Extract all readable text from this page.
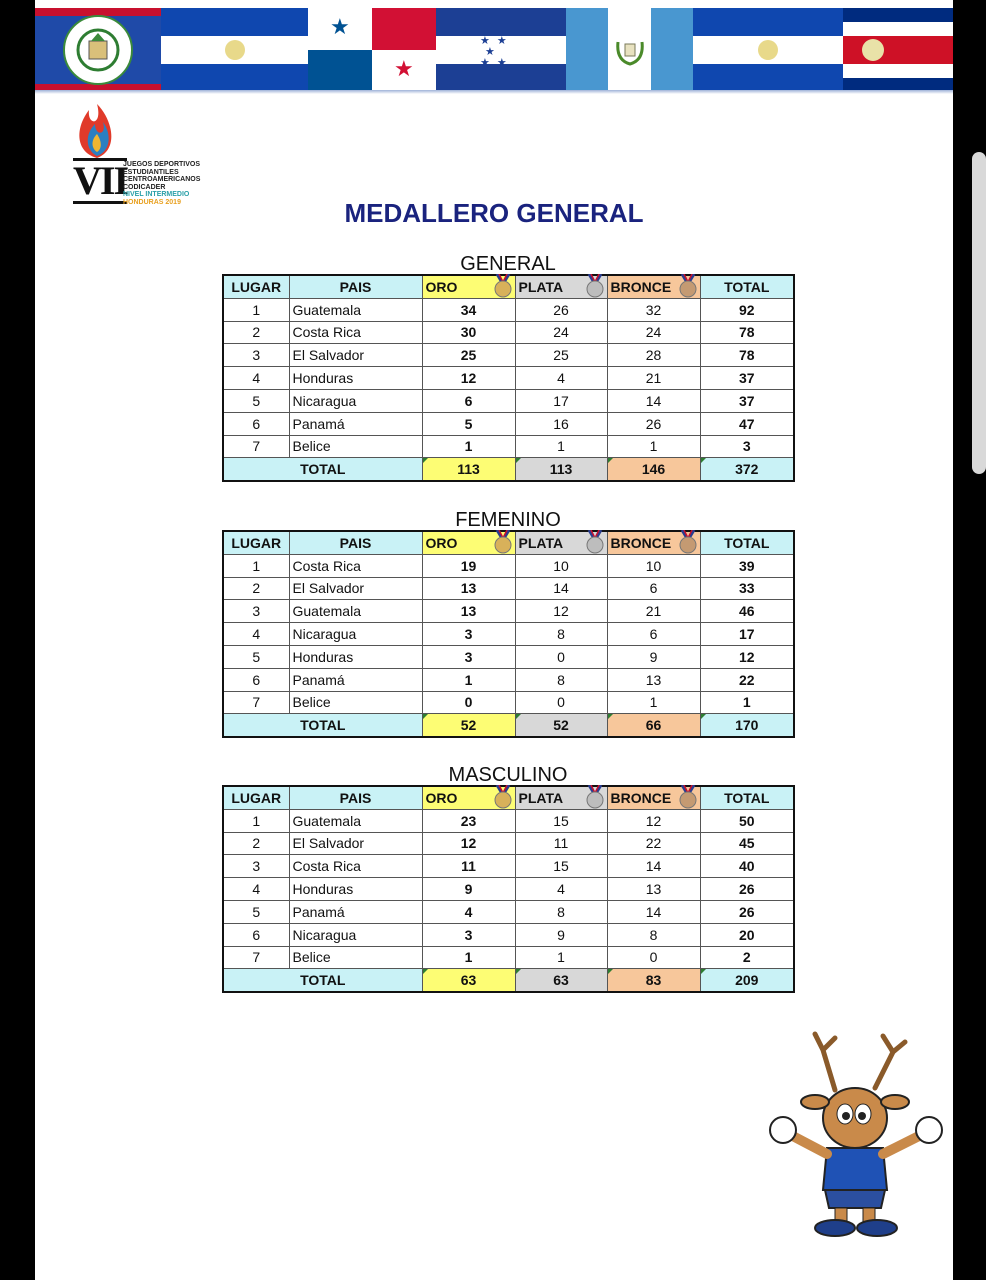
★
★
★ ★
★
★ ★
VII
JUEGOS DEPORTIVOS
ESTUDIANTILES
CENTROAMERICANOS
CODICADER
NIVEL INTERMEDIO
HONDURAS 2019	MEDALLERO GENERAL
GENERAL
LUGAR	PAIS	ORO	PLATA	BRONCE	TOTAL
1	Guatemala	34	26	32	92
2	Costa Rica	30	24	24	78
3	El Salvador	25	25	28	78
4	Honduras	12	4	21	37
5	Nicaragua	6	17	14	37
6	Panamá	5	16	26	47
7	Belice	1	1	1	3
TOTAL		113	113	146	372
FEMENINO
LUGAR	PAIS	ORO	PLATA	BRONCE	TOTAL
1	Costa Rica	19	10	10	39
2	El Salvador	13	14	6	33
3	Guatemala	13	12	21	46
4	Nicaragua	3	8	6	17
5	Honduras	3	0	9	12
6	Panamá	1	8	13	22
7	Belice	0	0	1	1
TOTAL		52	52	66	170
MASCULINO
LUGAR	PAIS	ORO	PLATA	BRONCE	TOTAL
1	Guatemala	23	15	12	50
2	El Salvador	12	11	22	45
3	Costa Rica	11	15	14	40
4	Honduras	9	4	13	26
5	Panamá	4	8	14	26
6	Nicaragua	3	9	8	20
7	Belice	1	1	0	2
TOTAL		63	63	83	209
